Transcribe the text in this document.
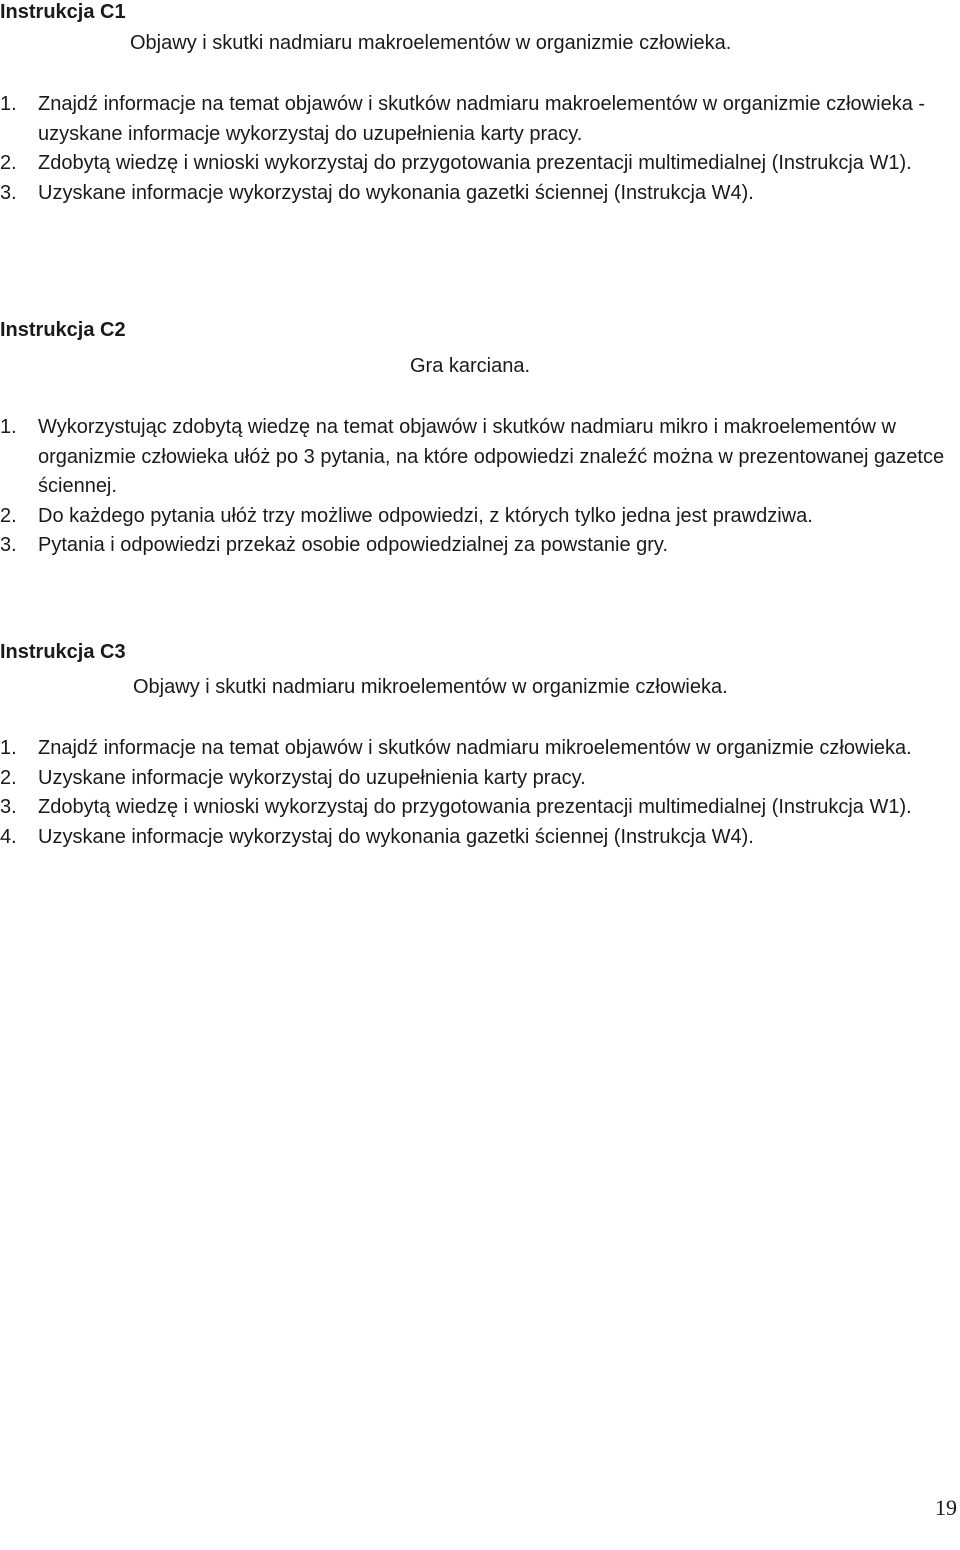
Instrukcja C1

Objawy i skutki nadmiaru makroelementów w organizmie człowieka.

1. Znajdź informacje na temat objawów i skutków nadmiaru makroelementów w organizmie człowieka - uzyskane informacje wykorzystaj do uzupełnienia karty pracy.
2. Zdobytą wiedzę i wnioski wykorzystaj do przygotowania prezentacji multimedialnej (Instrukcja W1).
3. Uzyskane informacje wykorzystaj do wykonania gazetki ściennej (Instrukcja W4).
Instrukcja C2

Gra karciana.

1. Wykorzystując zdobytą wiedzę na temat objawów i skutków nadmiaru mikro i makroelementów w organizmie człowieka ułóż po 3 pytania, na które odpowiedzi znaleźć można w prezentowanej gazetce ściennej.
2. Do każdego pytania ułóż trzy możliwe odpowiedzi, z których tylko jedna jest prawdziwa.
3. Pytania i odpowiedzi przekaż osobie odpowiedzialnej za powstanie gry.
Instrukcja C3

Objawy i skutki nadmiaru mikroelementów w organizmie człowieka.

1. Znajdź informacje na temat objawów i skutków nadmiaru mikroelementów w organizmie człowieka.
2. Uzyskane informacje wykorzystaj do uzupełnienia karty pracy.
3. Zdobytą wiedzę i wnioski wykorzystaj do przygotowania prezentacji multimedialnej (Instrukcja W1).
4. Uzyskane informacje wykorzystaj do wykonania gazetki ściennej (Instrukcja W4).
19
